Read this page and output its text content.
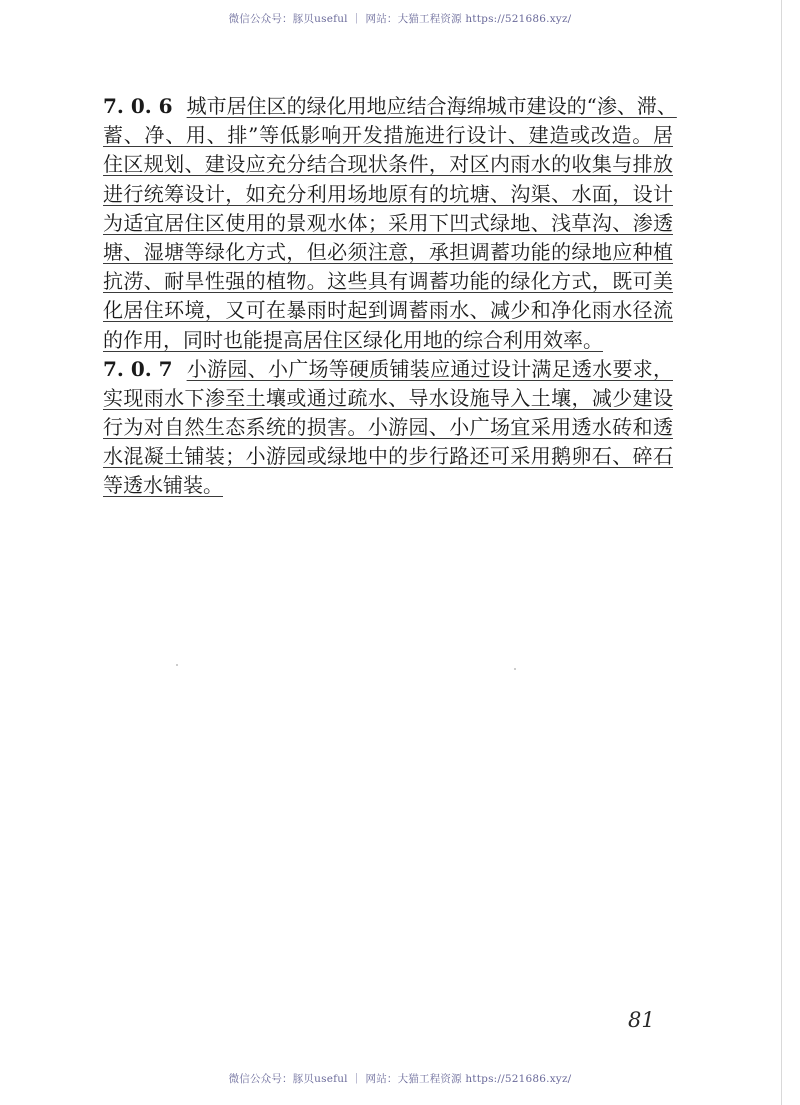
微信公众号：豚贝useful ｜ 网站：大猫工程资源 https://521686.xyz/
7. 0. 6 城市居住区的绿化用地应结合海绵城市建设的“渗、滞、
蓄、净、用、排”等低影响开发措施进行设计、建造或改造。居
住区规划、建设应充分结合现状条件，对区内雨水的收集与排放
进行统筹设计，如充分利用场地原有的坑塘、沟渠、水面，设计
为适宜居住区使用的景观水体；采用下凹式绿地、浅草沟、渗透
塘、湿塘等绿化方式，但必须注意，承担调蓄功能的绿地应种植
抗涝、耐旱性强的植物。这些具有调蓄功能的绿化方式，既可美
化居住环境，又可在暴雨时起到调蓄雨水、减少和净化雨水径流
的作用，同时也能提高居住区绿化用地的综合利用效率。
7. 0. 7 小游园、小广场等硬质铺装应通过设计满足透水要求，
实现雨水下渗至土壤或通过疏水、导水设施导入土壤，减少建设
行为对自然生态系统的损害。小游园、小广场宜采用透水砖和透
水混凝土铺装；小游园或绿地中的步行路还可采用鹅卵石、碎石
等透水铺装。
81
微信公众号：豚贝useful ｜ 网站：大猫工程资源 https://521686.xyz/
